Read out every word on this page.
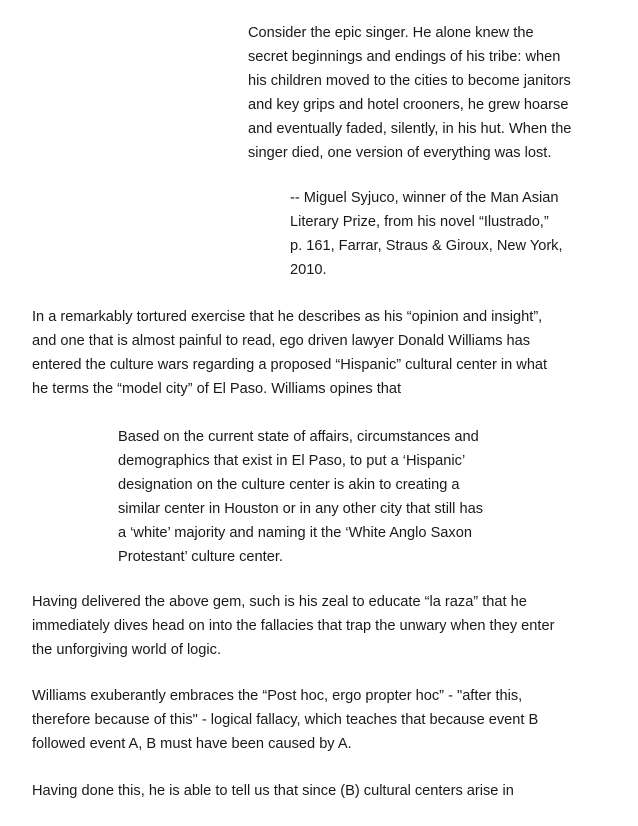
Consider the epic singer. He alone knew the

secret beginnings and endings of his tribe: when

his children moved to the cities to become janitors

and key grips and hotel crooners, he grew hoarse

and eventually faded, silently, in his hut. When the

singer died, one version of everything was lost.

-- Miguel Syjuco, winner of the Man Asian

Literary Prize, from his novel “Ilustrado,”

p. 161, Farrar, Straus & Giroux, New York,

2010.

In a remarkably tortured exercise that he describes as his “opinion and insight”,

and one that is almost painful to read, ego driven lawyer Donald Williams has

entered the culture wars regarding a proposed “Hispanic” cultural center in what

he terms the “model city” of El Paso. Williams opines that

Based on the current state of affairs, circumstances and

demographics that exist in El Paso, to put a ‘Hispanic’

designation on the culture center is akin to creating a

similar center in Houston or in any other city that still has

a ‘white’ majority and naming it the ‘White Anglo Saxon

Protestant’ culture center.

Having delivered the above gem, such is his zeal to educate “la raza” that he

immediately dives head on into the fallacies that trap the unwary when they enter

the unforgiving world of logic.

Williams exuberantly embraces the “Post hoc, ergo propter hoc” - "after this,

therefore because of this" - logical fallacy, which teaches that because event B

followed event A, B must have been caused by A.

Having done this, he is able to tell us that since (B) cultural centers arise in
